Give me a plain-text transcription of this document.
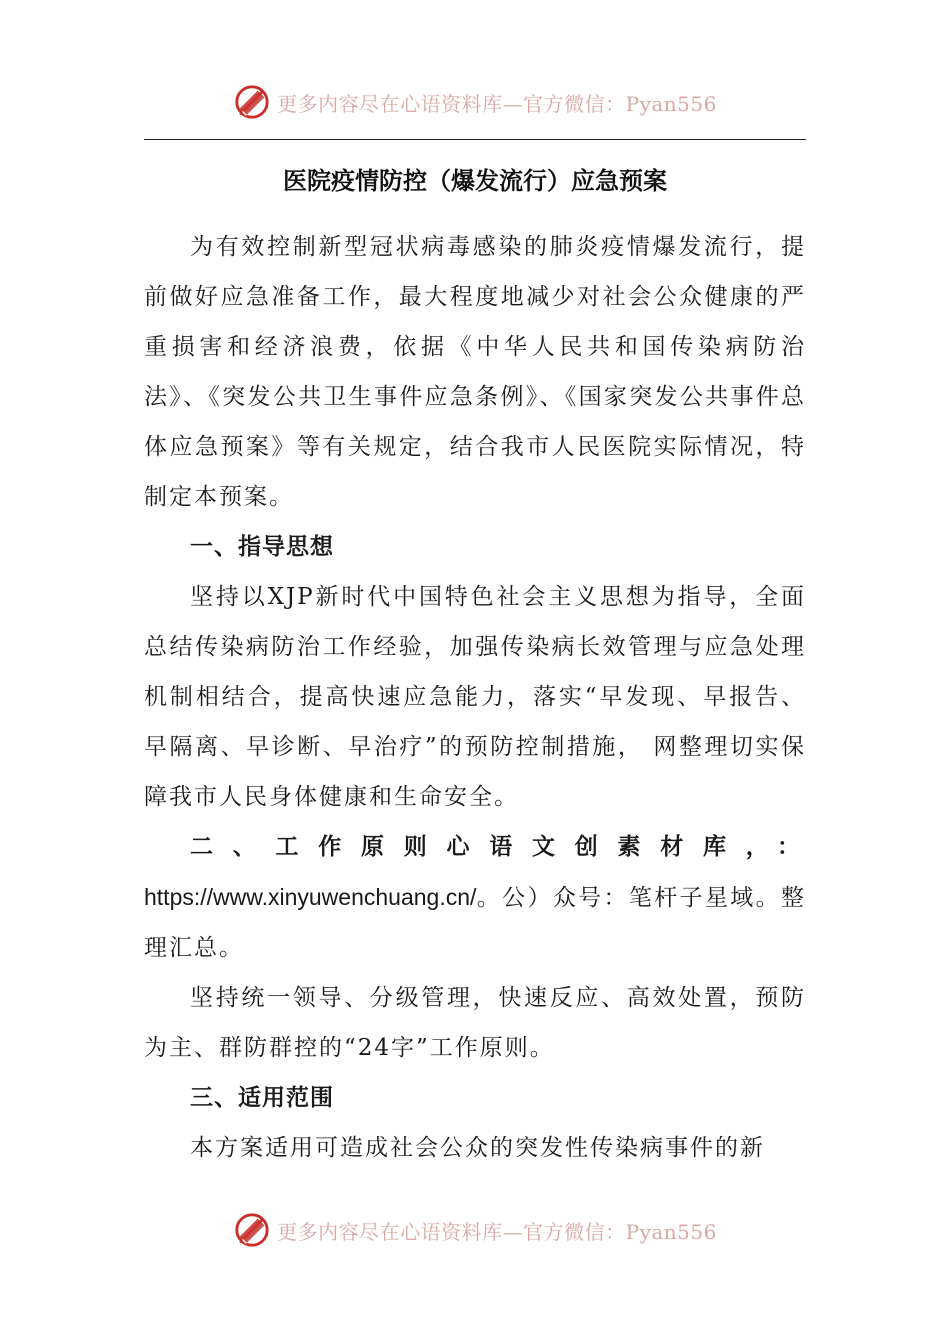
更多内容尽在心语资料库—官方微信：Pyan556
医院疫情防控（爆发流行）应急预案

为有效控制新型冠状病毒感染的肺炎疫情爆发流行，提前做好应急准备工作，最大程度地减少对社会公众健康的严重损害和经济浪费，依据《中华人民共和国传染病防治法》、《突发公共卫生事件应急条例》、《国家突发公共事件总体应急预案》等有关规定，结合我市人民医院实际情况，特制定本预案。

一、指导思想

坚持以XJP新时代中国特色社会主义思想为指导，全面总结传染病防治工作经验，加强传染病长效管理与应急处理机制相结合，提高快速应急能力，落实“早发现、早报告、早隔离、早诊断、早治疗”的预防控制措施， 网整理切实保障我市人民身体健康和生命安全。

二、工作原则心语文创素材库，：https://www.xinyuwenchuang.cn/。公）众号：笔杆子星域。整理汇总。

坚持统一领导、分级管理，快速反应、高效处置，预防为主、群防群控的“24字”工作原则。

三、适用范围

本方案适用可造成社会公众的突发性传染病事件的新

更多内容尽在心语资料库—官方微信：Pyan556
